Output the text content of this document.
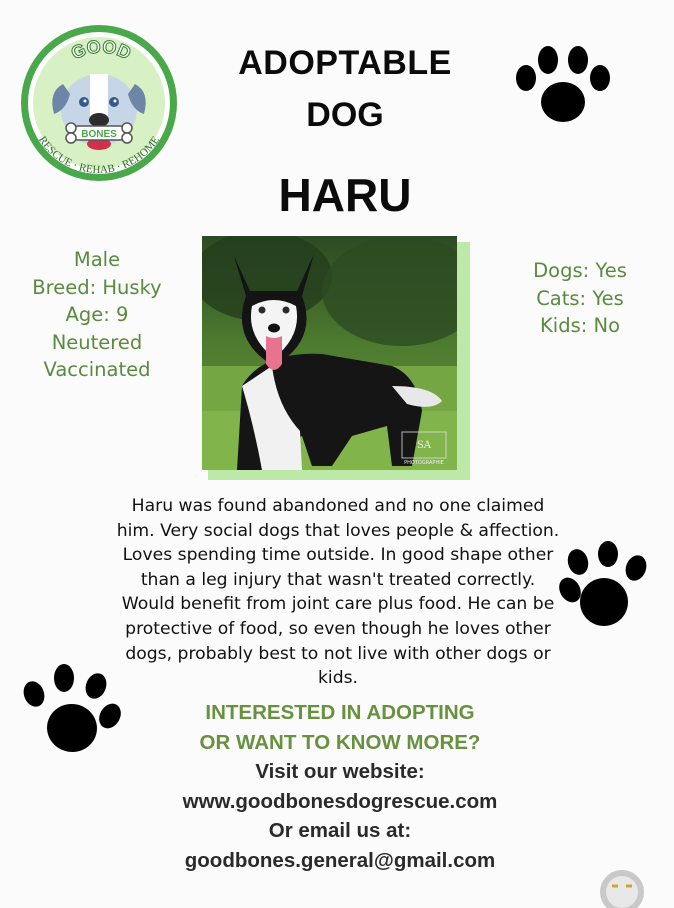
BONES
GOOD
RESCUE · REHAB · REHOME
ADOPTABLE
DOG
HARU
Male
Breed: Husky
Age: 9
Neutered
Vaccinated
Dogs: Yes
Cats: Yes
Kids: No
SA
PHOTOGRAPHIE
Haru was found abandoned and no one claimed
him. Very social dogs that loves people & affection.
Loves spending time outside. In good shape other
than a leg injury that wasn't treated correctly.
Would benefit from joint care plus food. He can be
protective of food, so even though he loves other
dogs, probably best to not live with other dogs or
kids.
INTERESTED IN ADOPTING
OR WANT TO KNOW MORE?
Visit our website:
www.goodbonesdogrescue.com
Or email us at:
goodbones.general@gmail.com
